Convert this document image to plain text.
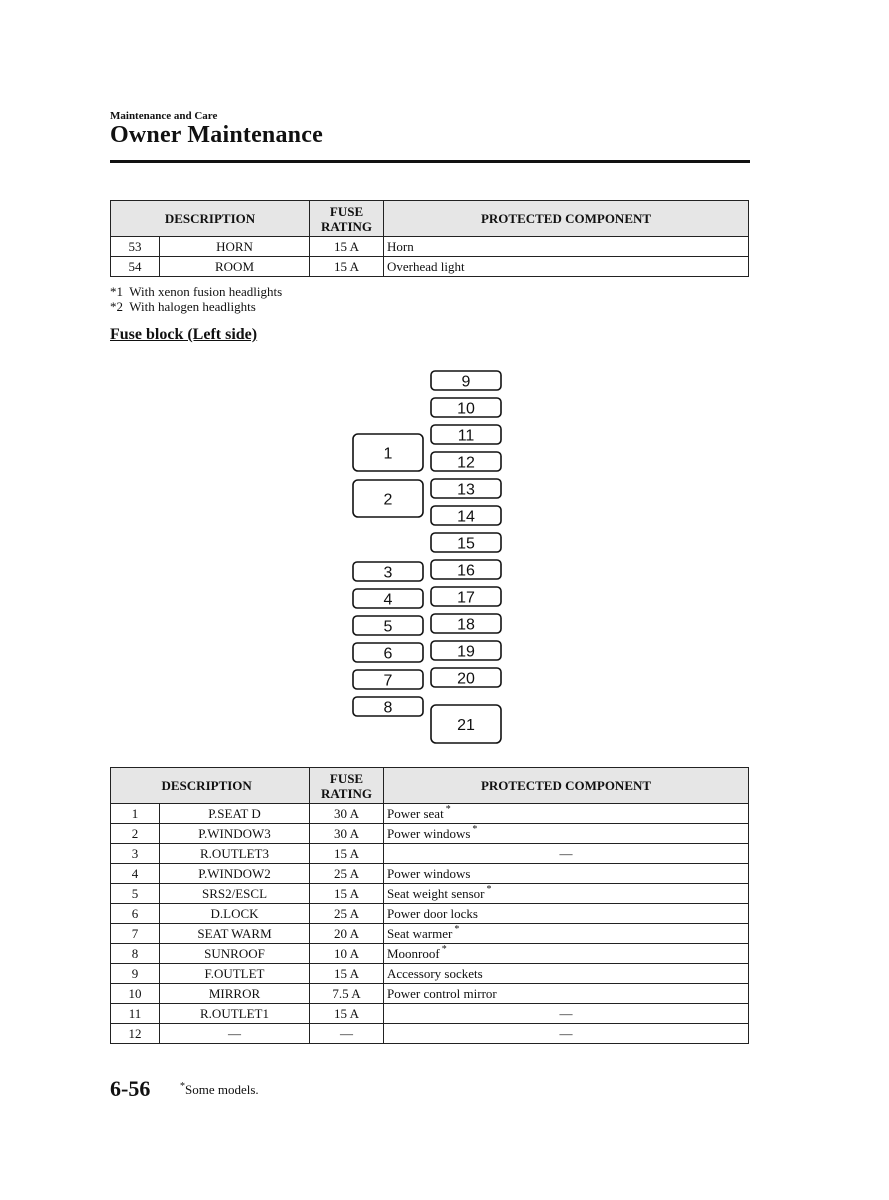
Maintenance and Care
Owner Maintenance
DESCRIPTION		FUSE
RATING	PROTECTED COMPONENT
53	HORN	15 A	Horn
54	ROOM	15 A	Overhead light
*1  With xenon fusion headlights
*2  With halogen headlights
Fuse block (Left side)
9
10
11
12
13
14
15
16
17
18
19
20
21
1
2
3
4
5
6
7
8
	DESCRIPTION	FUSE
RATING	PROTECTED COMPONENT
1	P.SEAT D	30 A	Power seat *
2	P.WINDOW3	30 A	Power windows *
3	R.OUTLET3	15 A	—
4	P.WINDOW2	25 A	Power windows
5	SRS2/ESCL	15 A	Seat weight sensor *
6	D.LOCK	25 A	Power door locks
7	SEAT WARM	20 A	Seat warmer *
8	SUNROOF	10 A	Moonroof *
9	F.OUTLET	15 A	Accessory sockets
10	MIRROR	7.5 A	Power control mirror
11	R.OUTLET1	15 A	—
12	—	—	—
6-56	*Some models.
